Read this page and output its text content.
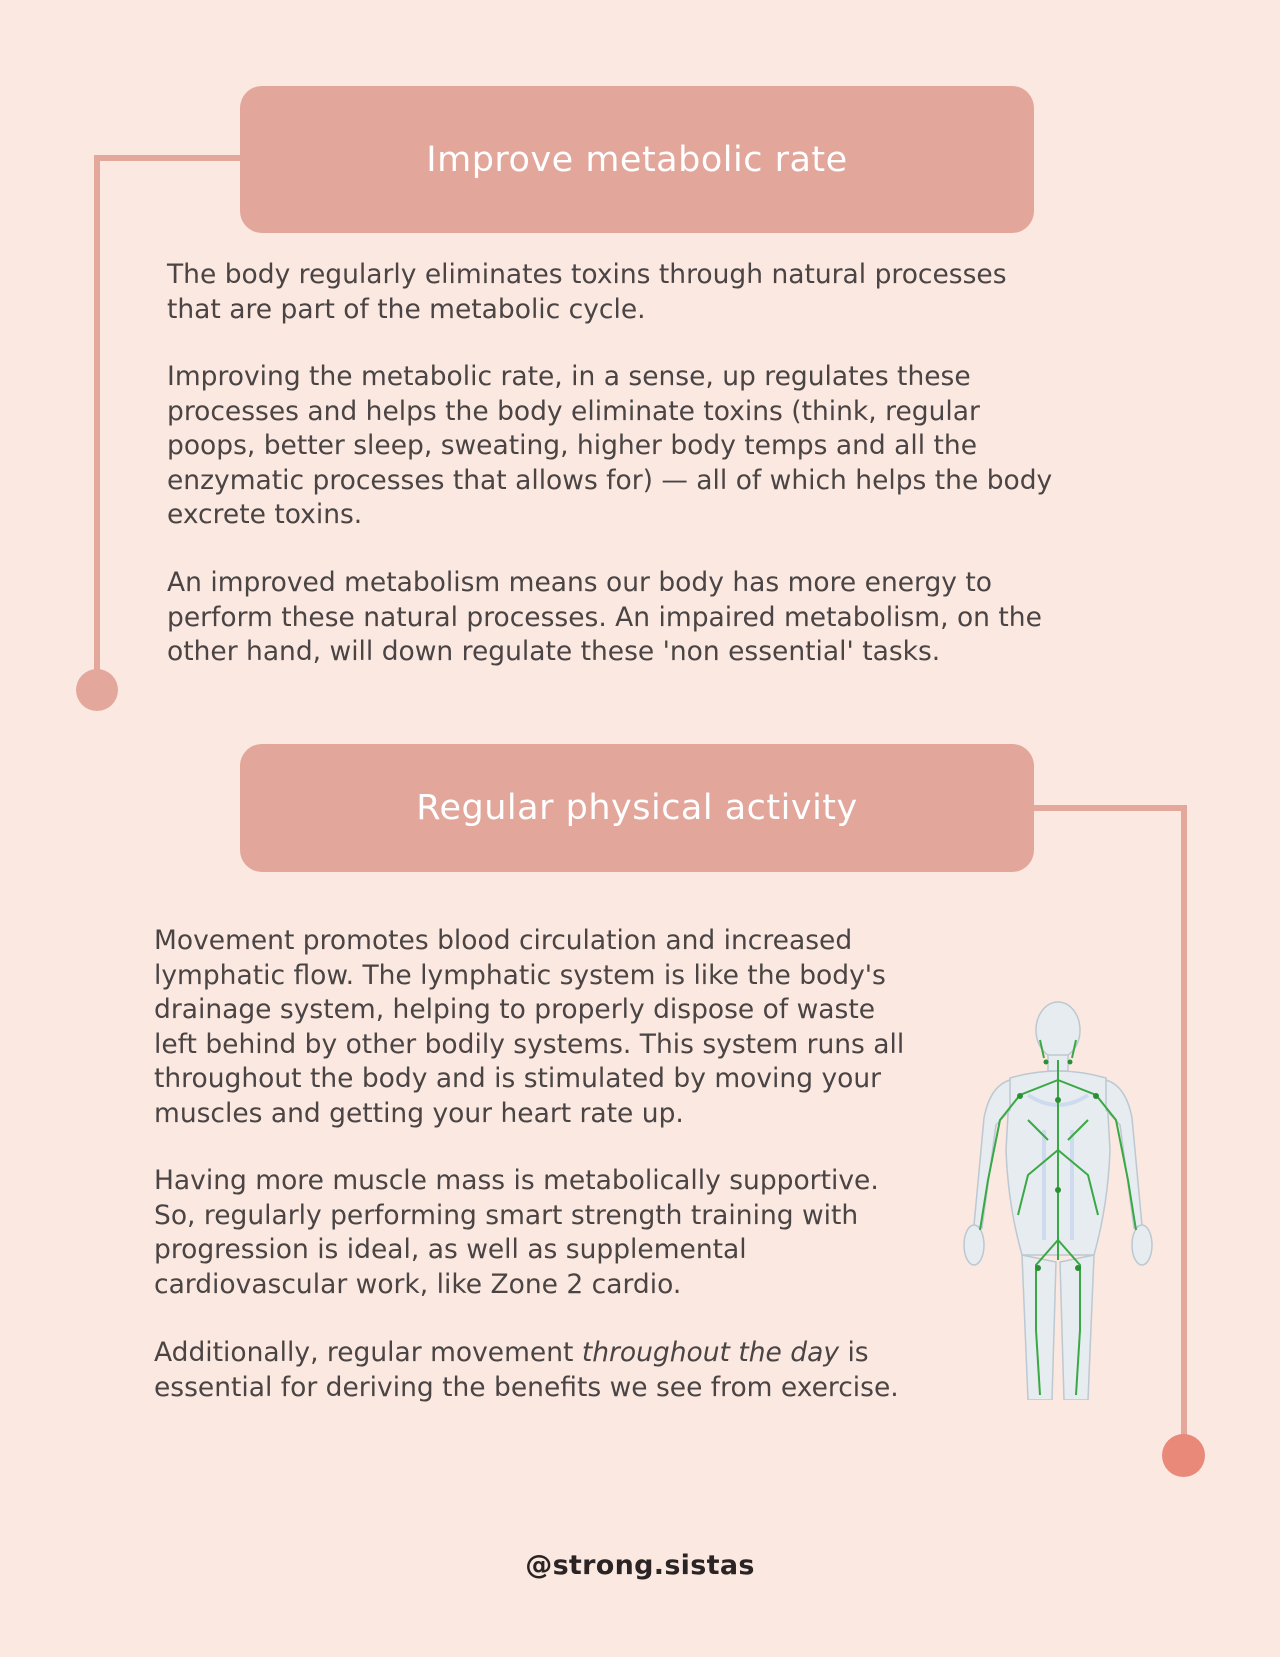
Improve metabolic rate

The body regularly eliminates toxins through natural processes
that are part of the metabolic cycle.

Improving the metabolic rate, in a sense, up regulates these
processes and helps the body eliminate toxins (think, regular
poops, better sleep, sweating, higher body temps and all the
enzymatic processes that allows for) — all of which helps the body
excrete toxins.

An improved metabolism means our body has more energy to
perform these natural processes. An impaired metabolism, on the
other hand, will down regulate these 'non essential' tasks.

Regular physical activity

Movement promotes blood circulation and increased
lymphatic flow. The lymphatic system is like the body's
drainage system, helping to properly dispose of waste
left behind by other bodily systems. This system runs all
throughout the body and is stimulated by moving your
muscles and getting your heart rate up.

Having more muscle mass is metabolically supportive.
So, regularly performing smart strength training with
progression is ideal, as well as supplemental
cardiovascular work, like Zone 2 cardio.

Additionally, regular movement throughout the day is
essential for deriving the benefits we see from exercise.

@strong.sistas
